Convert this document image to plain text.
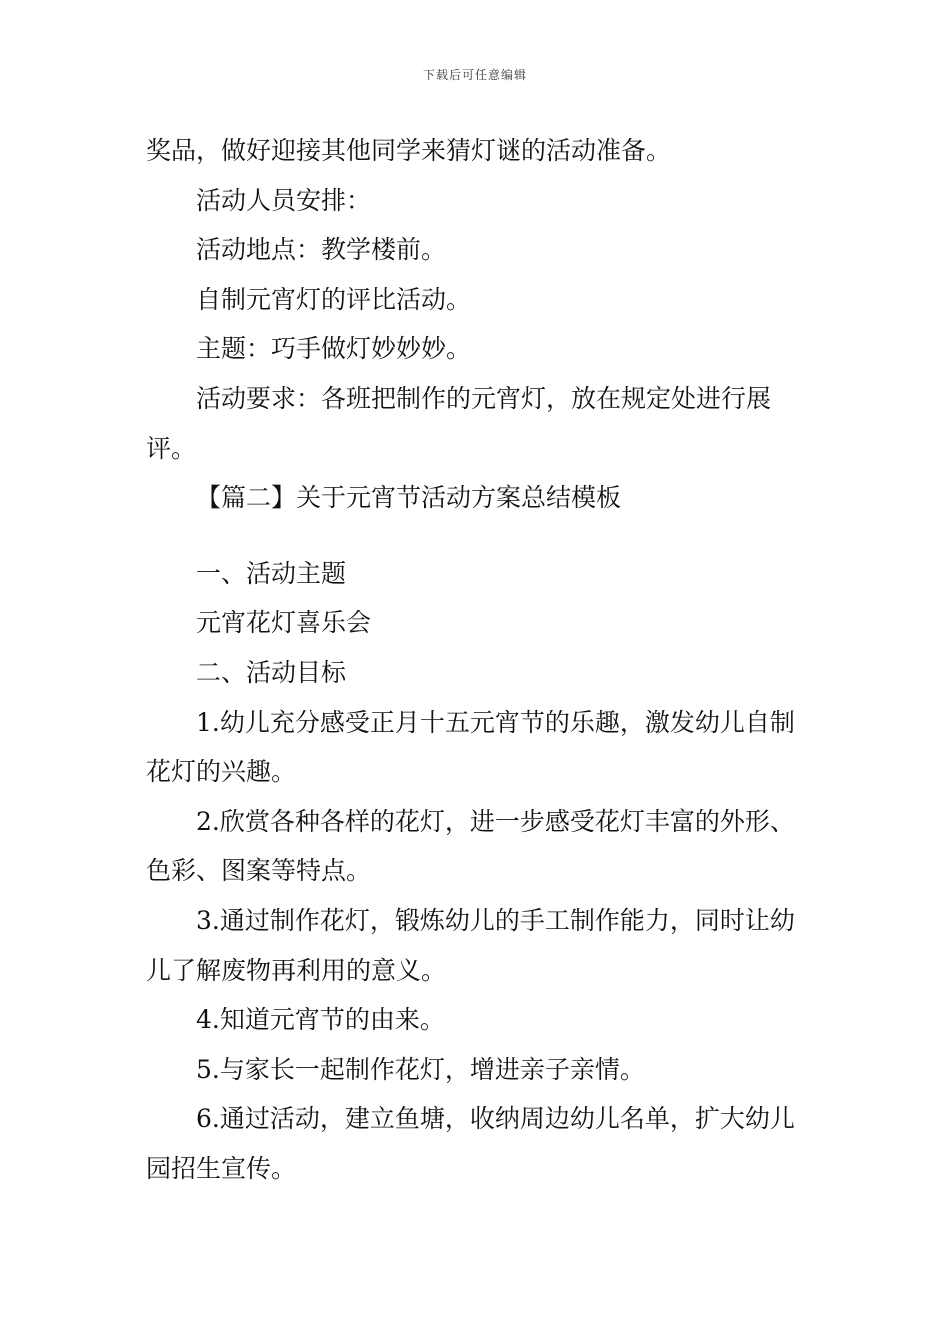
下载后可任意编辑

奖品，做好迎接其他同学来猜灯谜的活动准备。

活动人员安排：

活动地点：教学楼前。

自制元宵灯的评比活动。

主题：巧手做灯妙妙妙。

活动要求：各班把制作的元宵灯，放在规定处进行展评。

【篇二】关于元宵节活动方案总结模板

一、活动主题

元宵花灯喜乐会

二、活动目标

1.幼儿充分感受正月十五元宵节的乐趣，激发幼儿自制花灯的兴趣。

2.欣赏各种各样的花灯，进一步感受花灯丰富的外形、色彩、图案等特点。

3.通过制作花灯，锻炼幼儿的手工制作能力，同时让幼儿了解废物再利用的意义。

4.知道元宵节的由来。

5.与家长一起制作花灯，增进亲子亲情。

6.通过活动，建立鱼塘，收纳周边幼儿名单，扩大幼儿园招生宣传。
